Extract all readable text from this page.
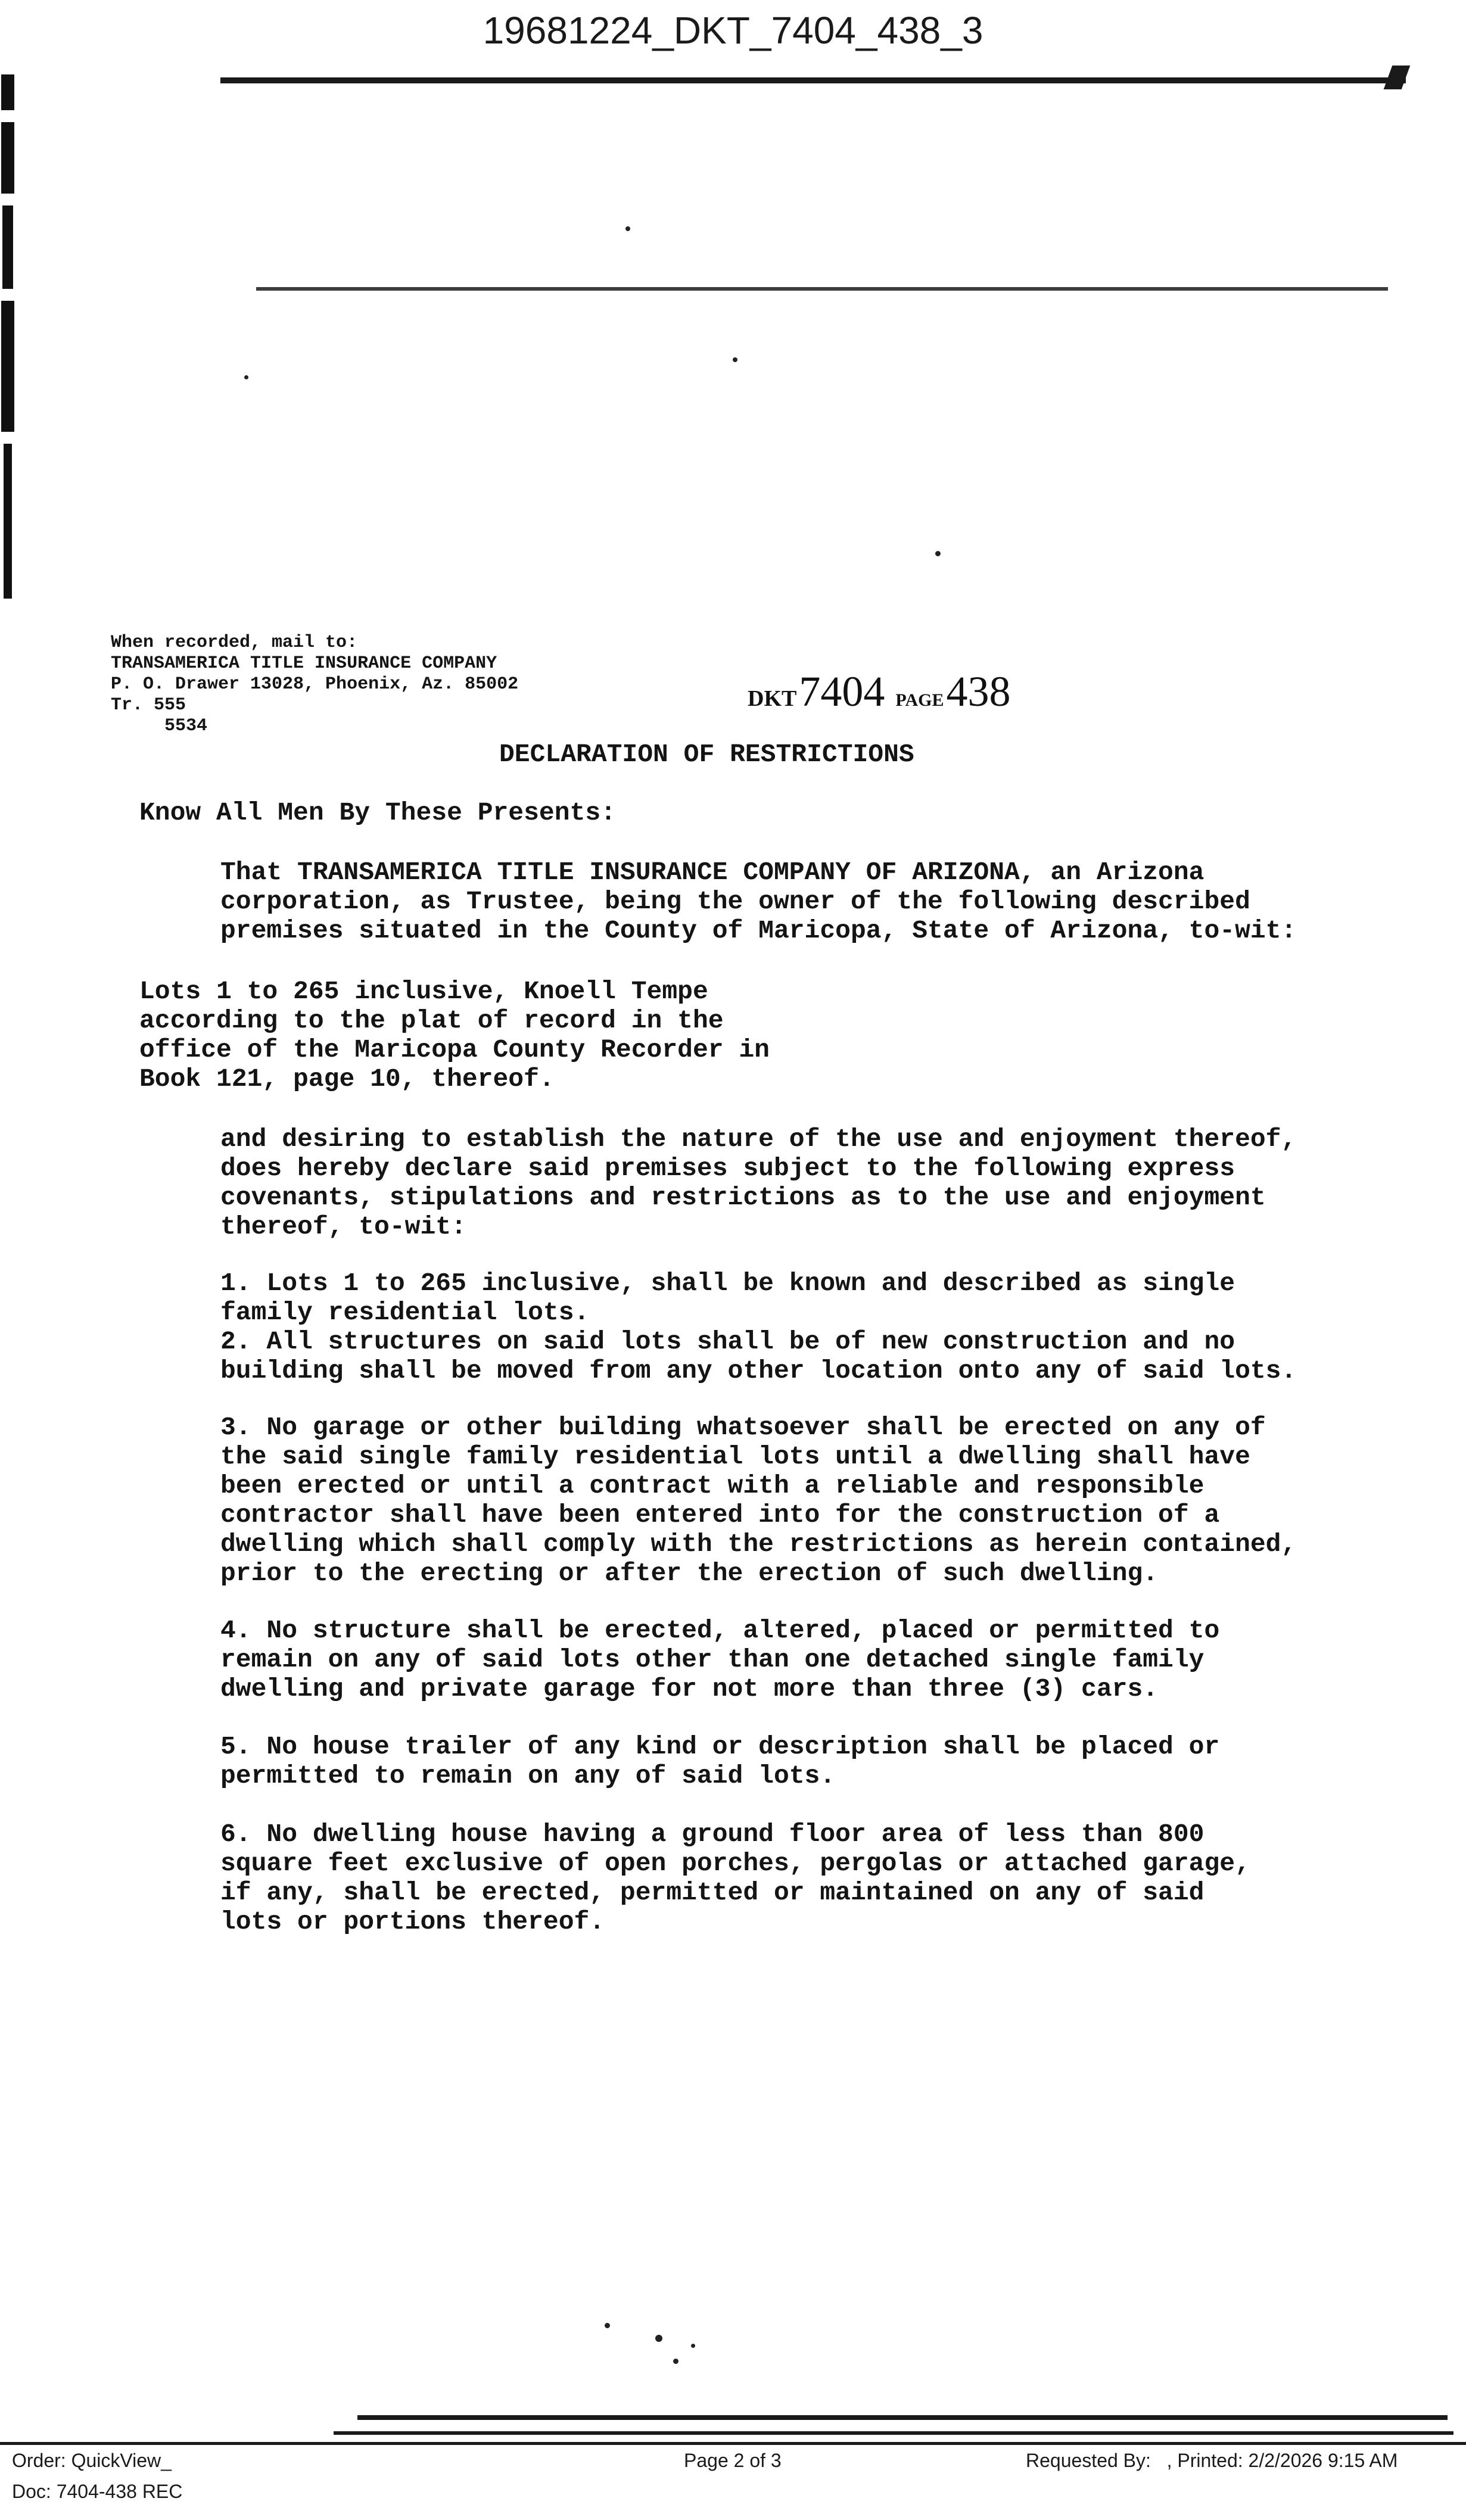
19681224_DKT_7404_438_3
When recorded, mail to:
TRANSAMERICA TITLE INSURANCE COMPANY
P. O. Drawer 13028, Phoenix, Az. 85002
Tr. 555
5534
DKT 7404 PAGE 438
DECLARATION OF RESTRICTIONS
Know All Men By These Presents:
That TRANSAMERICA TITLE INSURANCE COMPANY OF ARIZONA, an Arizona
corporation, as Trustee, being the owner of the following described
premises situated in the County of Maricopa, State of Arizona, to-wit:
Lots 1 to 265 inclusive, Knoell Tempe
according to the plat of record in the
office of the Maricopa County Recorder in
Book 121, page 10, thereof.
and desiring to establish the nature of the use and enjoyment thereof,
does hereby declare said premises subject to the following express
covenants, stipulations and restrictions as to the use and enjoyment
thereof, to-wit:
1. Lots 1 to 265 inclusive, shall be known and described as single
family residential lots.
2. All structures on said lots shall be of new construction and no
building shall be moved from any other location onto any of said lots.
3. No garage or other building whatsoever shall be erected on any of
the said single family residential lots until a dwelling shall have
been erected or until a contract with a reliable and responsible
contractor shall have been entered into for the construction of a
dwelling which shall comply with the restrictions as herein contained,
prior to the erecting or after the erection of such dwelling.
4. No structure shall be erected, altered, placed or permitted to
remain on any of said lots other than one detached single family
dwelling and private garage for not more than three (3) cars.
5. No house trailer of any kind or description shall be placed or
permitted to remain on any of said lots.
6. No dwelling house having a ground floor area of less than 800
square feet exclusive of open porches, pergolas or attached garage,
if any, shall be erected, permitted or maintained on any of said
lots or portions thereof.
Order: QuickView_
Doc: 7404-438 REC
Page 2 of 3	Requested By:   , Printed: 2/2/2026 9:15 AM
